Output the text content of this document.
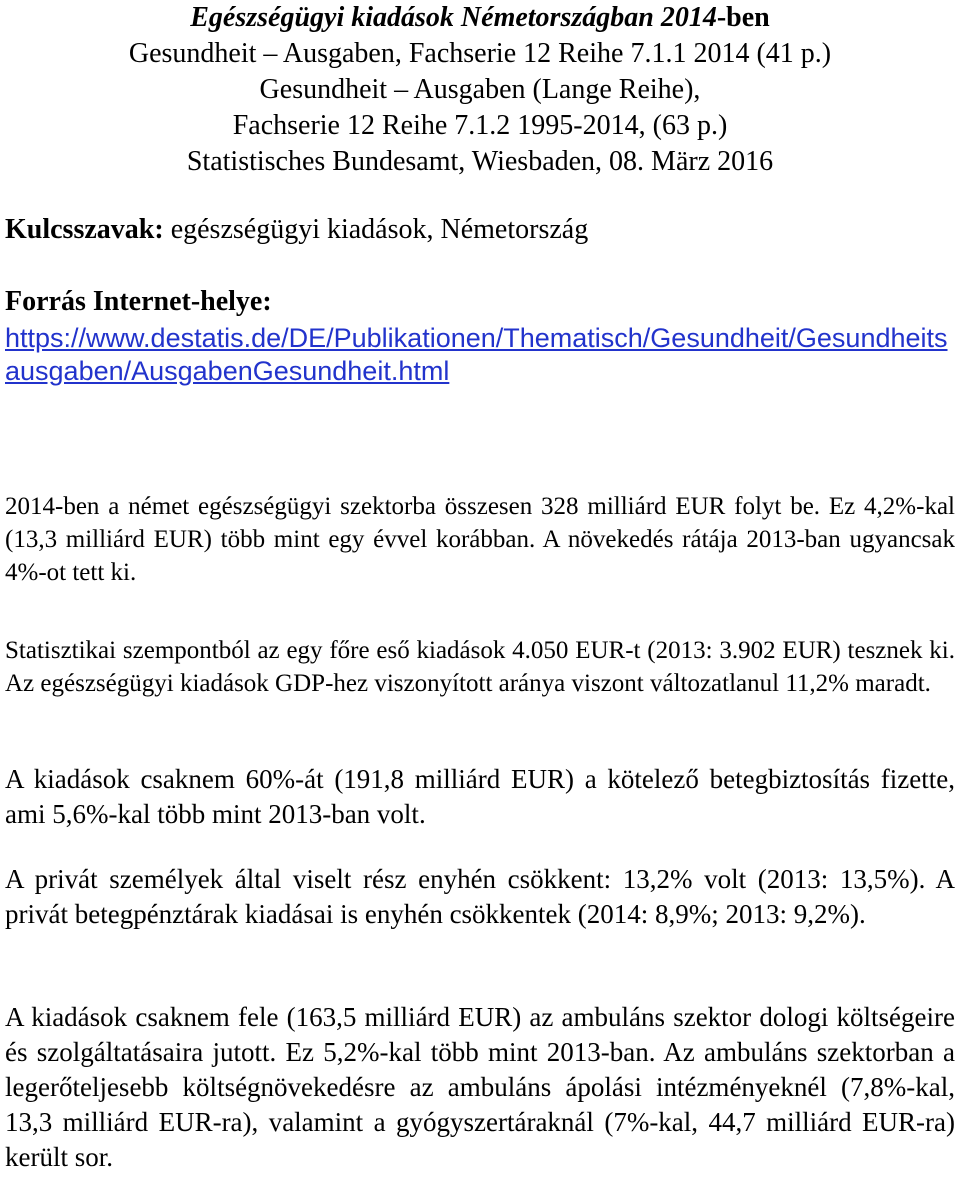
Egészségügyi kiadások Németországban 2014-ben
Gesundheit – Ausgaben, Fachserie 12 Reihe 7.1.1 2014 (41 p.)
Gesundheit – Ausgaben (Lange Reihe),
Fachserie 12 Reihe 7.1.2 1995-2014, (63 p.)
Statistisches Bundesamt, Wiesbaden, 08. März 2016
Kulcsszavak: egészségügyi kiadások, Németország
Forrás Internet-helye:
https://www.destatis.de/DE/Publikationen/Thematisch/Gesundheit/Gesundheitsausgaben/AusgabenGesundheit.html
2014-ben a német egészségügyi szektorba összesen 328 milliárd EUR folyt be. Ez 4,2%-kal (13,3 milliárd EUR) több mint egy évvel korábban. A növekedés rátája 2013-ban ugyancsak 4%-ot tett ki.
Statisztikai szempontból az egy főre eső kiadások 4.050 EUR-t (2013: 3.902 EUR) tesznek ki. Az egészségügyi kiadások GDP-hez viszonyított aránya viszont változatlanul 11,2% maradt.
A kiadások csaknem 60%-át (191,8 milliárd EUR) a kötelező betegbiztosítás fizette, ami 5,6%-kal több mint 2013-ban volt.
A privát személyek által viselt rész enyhén csökkent: 13,2% volt (2013: 13,5%). A privát betegpénztárak kiadásai is enyhén csökkentek (2014: 8,9%; 2013: 9,2%).
A kiadások csaknem fele (163,5 milliárd EUR) az ambuláns szektor dologi költségeire és szolgáltatásaira jutott. Ez 5,2%-kal több mint 2013-ban. Az ambuláns szektorban a legerőteljesebb költségnövekedésre az ambuláns ápolási intézményeknél (7,8%-kal, 13,3 milliárd EUR-ra), valamint a gyógyszertáraknál (7%-kal, 44,7 milliárd EUR-ra) került sor.
